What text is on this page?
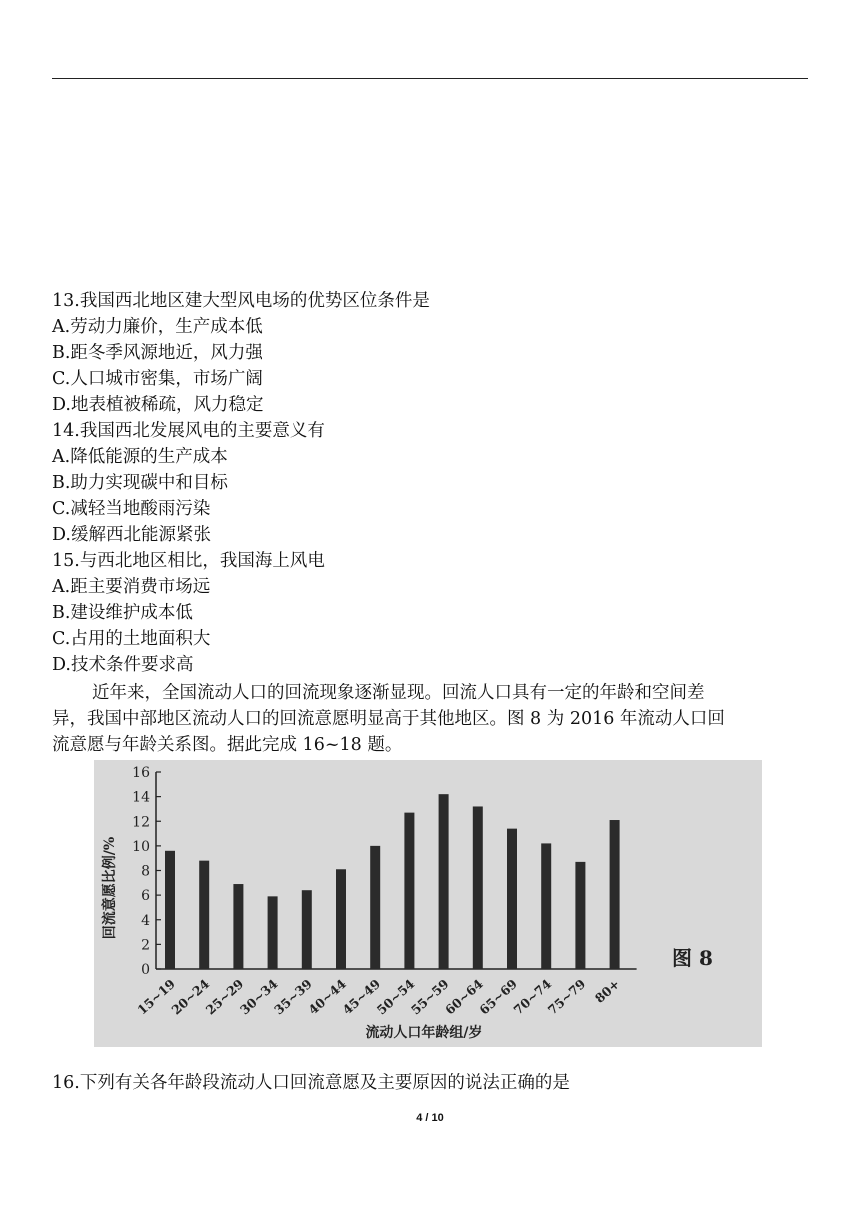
13.我国西北地区建大型风电场的优势区位条件是
A.劳动力廉价，生产成本低
B.距冬季风源地近，风力强
C.人口城市密集，市场广阔
D.地表植被稀疏，风力稳定
14.我国西北发展风电的主要意义有
A.降低能源的生产成本
B.助力实现碳中和目标
C.减轻当地酸雨污染
D.缓解西北能源紧张
15.与西北地区相比，我国海上风电
A.距主要消费市场远
B.建设维护成本低
C.占用的土地面积大
D.技术条件要求高
近年来，全国流动人口的回流现象逐渐显现。回流人口具有一定的年龄和空间差
异，我国中部地区流动人口的回流意愿明显高于其他地区。图 8 为 2016 年流动人口回
流意愿与年龄关系图。据此完成 16~18 题。
15~19
20~24
25~29
30~34
35~39
40~44
45~49
50~54
55~59
60~64
65~69
70~74
75~79 80+
0
2
4
6
8
10
12
14
16
回流意愿比例/%
流动人口年龄组/岁
图 8
16.下列有关各年龄段流动人口回流意愿及主要原因的说法正确的是
4 / 10
